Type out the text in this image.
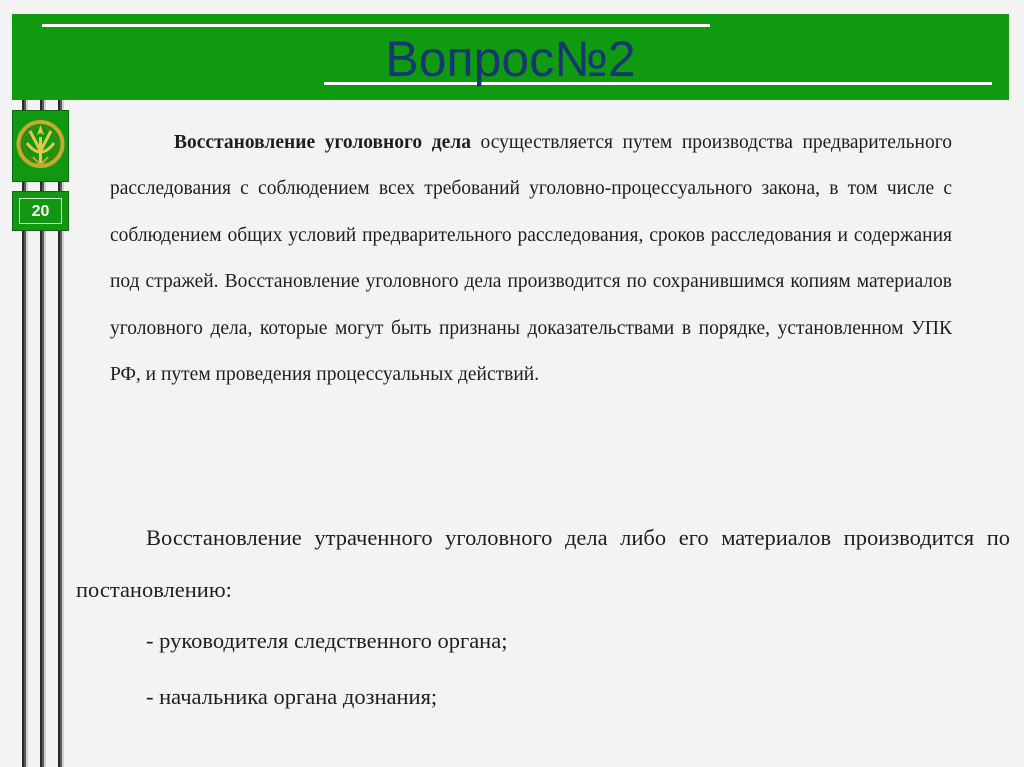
Вопрос№2
20
Восстановление уголовного дела осуществляется путем производства предварительного расследования с соблюдением всех требований уголовно-процессуального закона, в том числе с соблюдением общих условий предварительного расследования, сроков расследования и содержания под стражей. Восстановление уголовного дела производится по сохранившимся копиям материалов уголовного дела, которые могут быть признаны доказательствами в порядке, установленном УПК РФ, и путем проведения процессуальных действий.
Восстановление утраченного уголовного дела либо его материалов производится по постановлению:
- руководителя следственного органа;
- начальника органа дознания;
